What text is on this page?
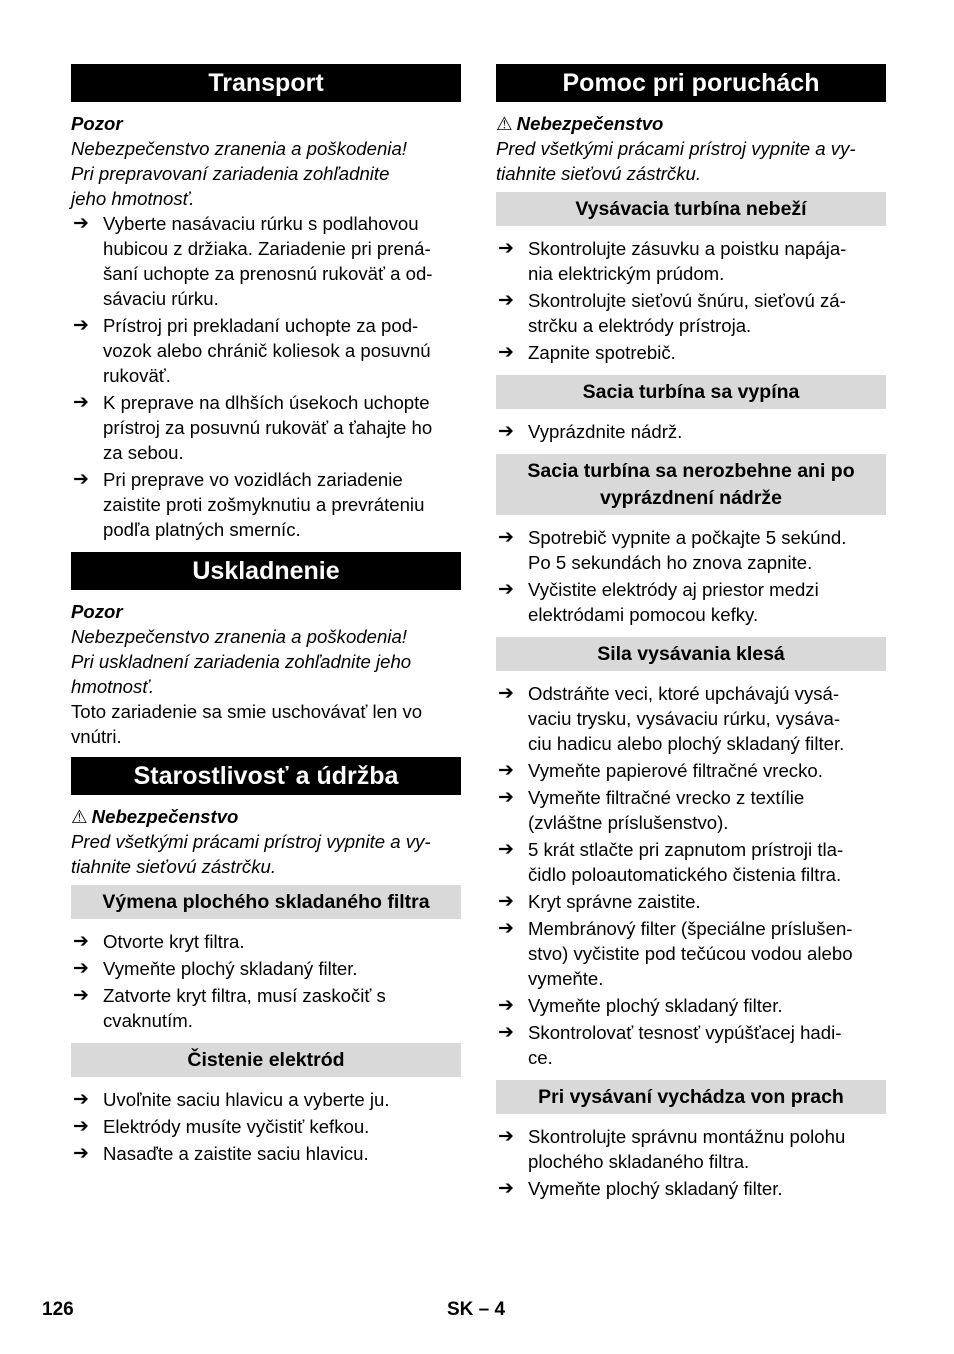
Transport
Pozor
Nebezpečenstvo zranenia a poškodenia!
Pri prepravovaní zariadenia zohľadnite
jeho hmotnosť.
➔ Vyberte nasávaciu rúrku s podlahovou
hubicou z držiaka. Zariadenie pri prená-
šaní uchopte za prenosnú rukoväť a od-
sávaciu rúrku.
➔ Prístroj pri prekladaní uchopte za pod-
vozok alebo chránič koliesok a posuvnú
rukoväť.
➔ K preprave na dlhších úsekoch uchopte
prístroj za posuvnú rukoväť a ťahajte ho
za sebou.
➔ Pri preprave vo vozidlách zariadenie
zaistite proti zošmyknutiu a prevráteniu
podľa platných smerníc.
Uskladnenie
Pozor
Nebezpečenstvo zranenia a poškodenia!
Pri uskladnení zariadenia zohľadnite jeho
hmotnosť.
Toto zariadenie sa smie uschovávať len vo
vnútri.
Starostlivosť a údržba
⚠ Nebezpečenstvo
Pred všetkými prácami prístroj vypnite a vy-
tiahnite sieťovú zástrčku.
Výmena plochého skladaného filtra
➔ Otvorte kryt filtra.
➔ Vymeňte plochý skladaný filter.
➔ Zatvorte kryt filtra, musí zaskočiť s
cvaknutím.
Čistenie elektród
➔ Uvoľnite saciu hlavicu a vyberte ju.
➔ Elektródy musíte vyčistiť kefkou.
➔ Nasaďte a zaistite saciu hlavicu.
Pomoc pri poruchách
⚠ Nebezpečenstvo
Pred všetkými prácami prístroj vypnite a vy-
tiahnite sieťovú zástrčku.
Vysávacia turbína nebeží
➔ Skontrolujte zásuvku a poistku napája-
nia elektrickým prúdom.
➔ Skontrolujte sieťovú šnúru, sieťovú zá-
strčku a elektródy prístroja.
➔ Zapnite spotrebič.
Sacia turbína sa vypína
➔ Vyprázdnite nádrž.
Sacia turbína sa nerozbehne ani po
vyprázdnení nádrže
➔ Spotrebič vypnite a počkajte 5 sekúnd.
Po 5 sekundách ho znova zapnite.
➔ Vyčistite elektródy aj priestor medzi
elektródami pomocou kefky.
Sila vysávania klesá
➔ Odstráňte veci, ktoré upchávajú vysá-
vaciu trysku, vysávaciu rúrku, vysáva-
ciu hadicu alebo plochý skladaný filter.
➔ Vymeňte papierové filtračné vrecko.
➔ Vymeňte filtračné vrecko z textílie
(zvláštne príslušenstvo).
➔ 5 krát stlačte pri zapnutom prístroji tla-
čidlo poloautomatického čistenia filtra.
➔ Kryt správne zaistite.
➔ Membránový filter (špeciálne príslušen-
stvo) vyčistite pod tečúcou vodou alebo
vymeňte.
➔ Vymeňte plochý skladaný filter.
➔ Skontrolovať tesnosť vypúšťacej hadi-
ce.
Pri vysávaní vychádza von prach
➔ Skontrolujte správnu montážnu polohu
plochého skladaného filtra.
➔ Vymeňte plochý skladaný filter.
126	SK – 4
